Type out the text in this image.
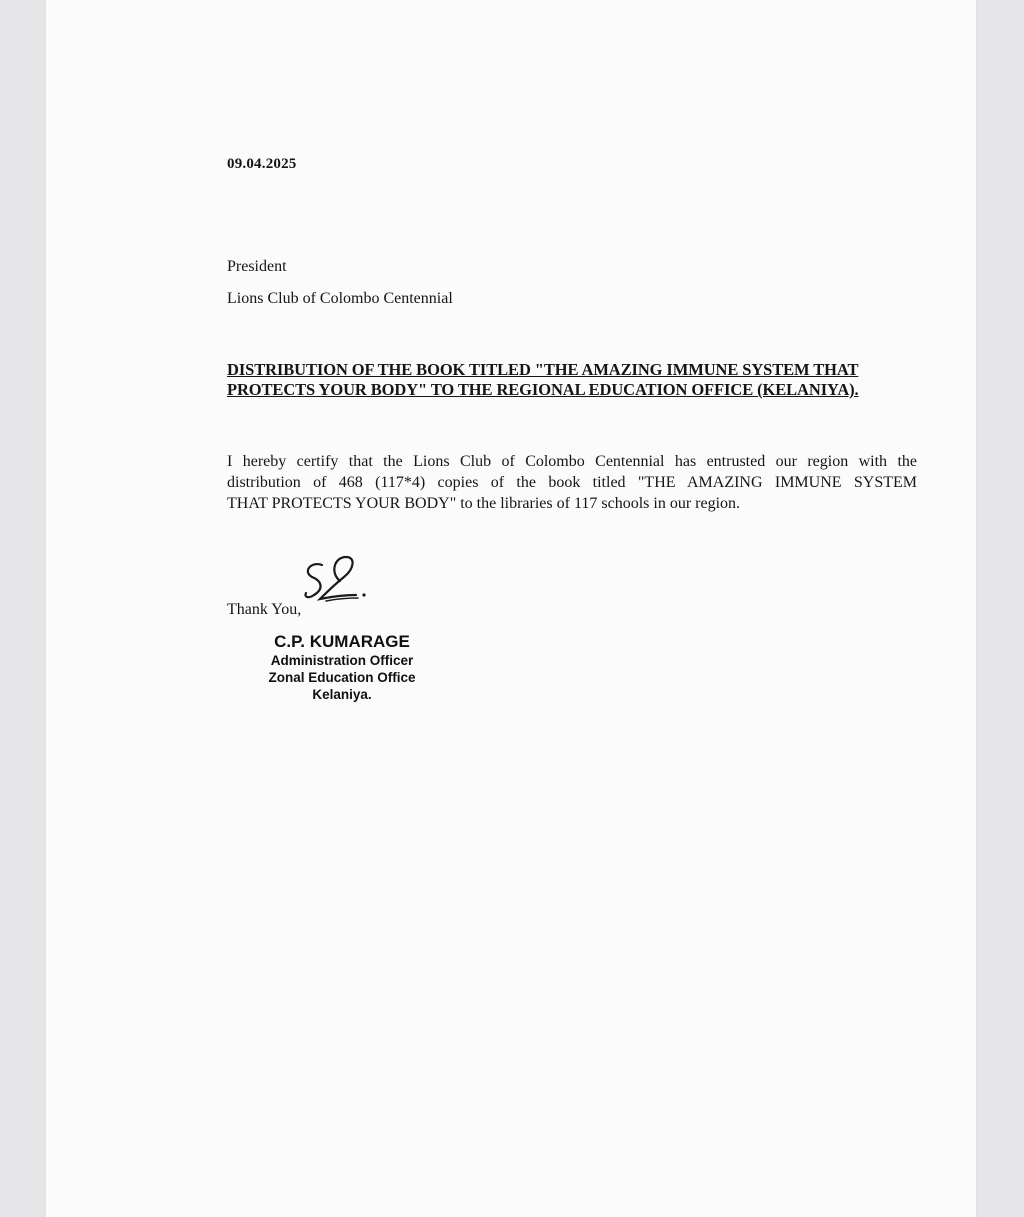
09.04.2025
President
Lions Club of Colombo Centennial
DISTRIBUTION OF THE BOOK TITLED "THE AMAZING IMMUNE SYSTEM THAT
PROTECTS YOUR BODY" TO THE REGIONAL EDUCATION OFFICE (KELANIYA).
I hereby certify that the Lions Club of Colombo Centennial has entrusted our region with the
distribution of 468 (117*4) copies of the book titled "THE AMAZING IMMUNE SYSTEM
THAT PROTECTS YOUR BODY" to the libraries of 117 schools in our region.
Thank You,
C.P. KUMARAGE
Administration Officer
Zonal Education Office
Kelaniya.
